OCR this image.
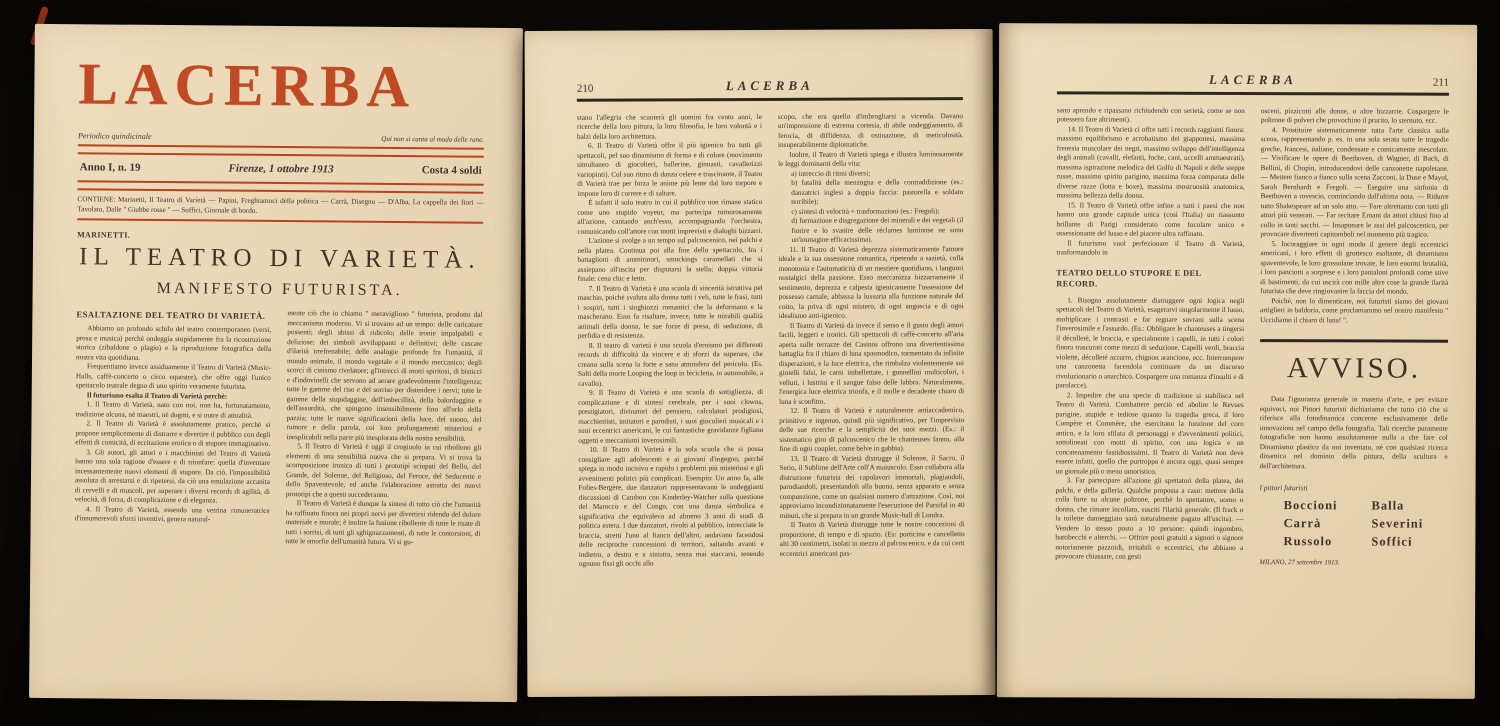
LACERBA
Periodico quindicinale	Qui non si canta al modo delle rane.
Anno I, n. 19	Firenze, 1 ottobre 1913	Costa 4 soldi

CONTIENE: Marinetti, Il Teatro di Varietà — Papini, Freghiamoci della politica — Carrà, Disegno — D'Alba, La cappella dei fiori — Tavolato, Dalle " Giubbe rosse " — Soffici, Giornale di bordo.

MARINETTI.
IL TEATRO DI VARIETÀ.
MANIFESTO FUTURISTA.
ESALTAZIONE DEL TEATRO DI VARIETÀ.

Abbiamo un profondo schifo del teatro contemporaneo (versi, prosa e musica) perchè ondeggia stupidamente fra la ricostruzione storica (zibaldone o plagio) e la riproduzione fotografica della nostra vita quotidiana.

Frequentiamo invece assiduamente il Teatro di Varietà (Music-Halls, caffè-concerto o circo equestre), che offre oggi l'unico spettacolo teatrale degno di uno spirito veramente futurista.

Il futurismo esalta il Teatro di Varietà perchè:

1. Il Teatro di Varietà, nato con noi, non ha, fortunatamente, tradizione alcuna, nè maestri, nè dogmi, e si nutre di attualità.

2. Il Teatro di Varietà è assolutamente pratico, perchè si propone semplicemente di distrarre e divertire il pubblico con degli effetti di comicità, di eccitazione erotica o di stupore immaginativo.

3. Gli autori, gli attori e i macchinisti del Teatro di Varietà hanno una sola ragione d'essere e di trionfare: quella d'inventare incessantemente nuovi elementi di stupore. Da ciò, l'impossibilità assoluta di arrestarsi e di ripetersi, da ciò una emulazione accanita di cervelli e di muscoli, per superare i diversi records di agilità, di velocità, di forza, di complicazione e di eleganza.

4. Il Teatro di Varietà, essendo una vetrina rimuneratrice d'innumerevoli sforzi inventivi, genera natural-

mente ciò che io chiamo " meraviglioso " futurista, prodotto dal meccanismo moderno. Vi si trovano ad un tempo: delle caricature possenti; degli abissi di ridicolo; delle ironie impalpabili e deliziose; dei simboli avviluppanti e definitivi; delle cascate d'ilarità irrefrenabile; delle analogie profonde fra l'umanità, il mondo animale, il mondo vegetale e il mondo meccanico; degli scorci di cinismo rivelatore; gl'intrecci di motti spiritosi, di bisticci e d'indovinelli che servono ad aerare gradevolmente l'intelligenza; tutte le gamme del riso e del sorriso per distendere i nervi; tutte le gamme della stupidaggine, dell'imbecillità, della balordaggine e dell'assurdità, che spingono insensibilmente fino all'orlo della pazzia; tutte le nuove significazioni della luce, del suono, del rumore e della parola, coi loro prolungamenti misteriosi e inesplicabili nella parte più inesplorata della nostra sensibilità.

5. Il Teatro di Varietà è oggi il crogiuolo in cui ribollono gli elementi di una sensibilità nuova che si prepara. Vi si trova la scomposizione ironica di tutti i prototipi sciupati del Bello, del Grande, del Solenne, del Religioso, del Feroce, del Seducente e dello Spaventevole, ed anche l'elaborazione astratta dei nuovi prototipi che a questi succederanno.

Il Teatro di Varietà è dunque la sintesi di tutto ciò che l'umanità ha raffinato finora nei propri nervi per divertirsi ridendo del dolore materiale e morale; è inoltre la fusione ribollente di tutte le risate di tutti i sorrisi, di tutti gli sghignazzamenti, di tutte le contorsioni, di tutte le smorfie dell'umanità futura. Vi si gu-

210	LACERBA

stano l'allegria che scuoterà gli uomini fra cento anni, le ricerche della loro pittura, la loro filosofia, le loro volontà e i balzi della loro architettura.

6. Il Teatro di Varietà offre il più igienico fra tutti gli spettacoli, pel suo dinamismo di forma e di colore (movimento simultaneo di giocolieri, ballerine, ginnasti, cavallerizzi variopinti). Col suo ritmo di danza celere e trascinante, il Teatro di Varietà trae per forza le anime più lente dal loro torpore e impone loro di correre e di saltare.

È infatti il solo teatro in cui il pubblico non rimane statico come uno stupido voyeur, ma partecipa rumorosamente all'azione, cantando anch'esso, accompagnando l'orchestra, comunicando coll'attore con motti imprevisti e dialoghi bizzarri.

L'azione si svolge a un tempo sul palcoscenico, nei palchi e nella platea. Continua poi alla fine dello spettacolo, fra i battaglioni di ammiratori, smockings caramellati che si assiepano all'uscita per disputarsi la stella; doppia vittoria finale: cena chic e letto.

7. Il Teatro di Varietà è una scuola di sincerità istruttiva pel maschio, poichè svaluta alla donna tutti i veli, tutte le frasi, tutti i sospiri, tutti i singhiozzi romantici che la deformano e la mascherano. Esso fa risaltare, invece, tutte le mirabili qualità animali della donna, le sue forze di presa, di seduzione, di perfidia e di resistenza.

8. Il teatro di varietà è una scuola d'eroismo pei differenti records di difficoltà da vincere e di sforzi da superare, che creano sulla scena la forte e sana atmosfera del pericolo. (Es. Salti della morte Looping the loop in bicicletta, in automobile, a cavallo).

9. Il Teatro di Varietà è una scuola di sottigliezza, di complicazione e di sintesi cerebrale, per i suoi clowns, prestigiatori, divinatori del pensiero, calcolatori prodigiosi, macchiettisti, imitatori e parodisti, i suoi giocolieri musicali e i suoi eccentrici americani, le cui fantastiche gravidanze figliano oggetti e meccanismi inverosimili.

10. Il Teatro di Varietà è la sola scuola che si possa consigliare agli adolescenti e ai giovani d'ingegno, perché spiega in modo incisivo e rapido i problemi più misteriosi e gli avvenimenti politici più complicati. Esempio: Un anno fa, alle Folies-Bergère, due danzatori rappresentavano le ondeggianti discussioni di Cambon con Kinderley-Watcher sulla questione del Marocco e del Congo, con una danza simbolica e significativa che equivaleva ad almeno 3 anni di studi di politica estera. I due danzatori, rivolti al pubblico, intrecciate le braccia, stretti l'uno al fianco dell'altro, andavano facendosi delle reciproche concessioni di territori, saltando avanti e indietro, a destra e a sinistra, senza mai staccarsi, tenendo ognuno fissi gli occhi allo

scopo, che era quello d'imbrogliarsi a vicenda. Davano un'impressione di estrema cortesia, di abile ondeggiamento, di ferocia, di diffidenza, di ostinazione, di meticolosità, insuperabilmente diplomatiche.

Inoltre, il Teatro di Varietà spiega e illustra luminosamente le leggi dominanti della vita:

a) intreccio di ritmi diversi;

b) fatalità della menzogna e della contraddizione (es.: danzatrici inglesi a doppia faccia: pastorella e soldato terribile);

c) sintesi di velocità + trasformazioni (es.: Fregoli);

d) formazione e disgregazione dei minerali e dei vegetali (il fiorire e lo svanire delle réclames luminose ne sono un'immagine efficacissima).

11. Il Teatro di Varietà deprezza sistematicamente l'amore ideale e la sua ossessione romantica, ripetendo a sazietà, colla monotonia e l'automaticità di un mestiere quotidiano, i languori nostalgici della passione. Esso meccanizza bizzarramente il sentimento, deprezza e calpesta igienicamente l'ossessione del possesso carnale, abbassa la lussuria alla funzione naturale del coito, la priva di ogni mistero, di ogni angoscia e di ogni idealismo anti-igienico.

Il Teatro di Varietà dà invece il senso e il gusto degli amori facili, leggeri e ironici. Gli spettacoli di caffè-concerto all'aria aperta sulle terrazze dei Casinos offrono una divertentissima battaglia fra il chiaro di luna spasmodico, tormentato da infinite disperazioni, e la luce elettrica, che rimbalza violentemente sui gioielli falsi, le carni imbellettate, i gonnellini multicolori, i velluti, i lustrini e il sangue falso delle labbra. Naturalmente, l'energica luce elettrica trionfa, e il molle e decadente chiaro di luna è sconfitto.

12. Il Teatro di Varietà è naturalmente antiaccademico, primitivo e ingenuo, quindi più significativo, per l'imprevisto delle sue ricerche e la semplicità dei suoi mezzi. (Es.: il sistematico giro di palcoscenico che le chanteuses fanno, alla fine di ogni couplet, come belve in gabbia).

13. Il Teatro di Varietà distrugge il Solenne, il Sacro, il Serio, il Sublime dell'Arte coll'A maiuscolo. Esso collabora alla distruzione futurista dei capolavori immortali, plagiandoli, parodiandoli, presentandoli alla buona, senza apparato e senza compunzione, come un qualsiasi numero d'attrazione. Così, noi approviamo incondizionatamente l'esecuzione del Parsifal in 40 minuti, che si prepara in un grande Music-hall di Londra.

Il Teatro di Varietà distrugge tutte le nostre concezioni di proporzione, di tempo e di spazio. (Es: porticina e cancelletto alti 30 centimetri, isolati in mezzo al palcoscenico, e da cui certi eccentrici americani pas-

LACERBA	211

sano aprendo e ripassano richiudendo con serietà, come se non potessero fare altrimenti).

14. Il Teatro di Varietà ci offre tutti i records raggiunti finora: massimo equilibrismo e acrobatismo dei giapponesi, massima frenesia muscolare dei negri, massimo sviluppo dell'intelligenza degli animali (cavalli, elefanti, foche, cani, uccelli ammaestrati), massima ispirazione melodica del Golfo di Napoli e delle steppe russe, massimo spirito parigino, massima forza comparata delle diverse razze (lotta e boxe), massima mostruosità anatomica, massima bellezza della donna.

15. Il Teatro di Varietà offre infine a tutti i paesi che non hanno una grande capitale unica (così l'Italia) un riassunto brillante di Parigi considerato come focolare unico e ossessionante del lusso e del piacere ultra raffinato.

Il futurismo vuol perfezionare il Teatro di Varietà, trasformandolo in

TEATRO DELLO STUPORE E DEL RECORD.

1. Bisogna assolutamente distruggere ogni logica negli spettacoli del Teatro di Varietà, esagerarvi singolarmente il lusso, moltiplicare i contrasti e far regnare sovrani sulla scena l'inverosimile e l'assurdo. (Es.: Obbligare le chanteuses a tingersi il décolleté, le braccia, e specialmente i capelli, in tutti i colori finora trascurati come mezzi di seduzione. Capelli verdi, braccia violette, décolleté azzurro, chignon arancione, ecc. Interrompere una canzonetta facendola continuare da un discorso rivoluzionario o anarchico. Cospargere una romanza d'insulti e di parolacce).

2. Impedire che una specie di tradizione si stabilisca nel Teatro di Varietà. Combattere perciò ed abolire le Revues parigine, stupide e tediose quanto la tragedia greca, il loro Compère et Commère, che esercitano la funzione del coro antico, e la loro sfilata di personaggi e d'avvenimenti politici, sottolineati con motti di spirito, con una logica e un concatenamento fastidiosissimi. Il Teatro di Varietà non deve essere infatti, quello che purtroppo è ancora oggi, quasi sempre un giornale più o meno umoristico.

3. Far partecipare all'azione gli spettatori della platea, dei palchi, e della galleria. Qualche proposta a caso: mettere della colla forte su alcune poltrone, perchè lo spettatore, uomo o donna, che rimane incollato, susciti l'ilarità generale. (Il frack o la toilette danneggiato sarà naturalmente pagato all'uscita). — Vendere lo stesso posto a 10 persone: quindi ingombro, battibecchi e alterchi. — Offrire posti gratuiti a signori o signore notoriamente pazzoidi, irritabili o eccentrici, che abbiano a provocare chiassate, con gesti

osceni, pizzicotti alle donne, o altre bizzarrie. Cospargere le poltrone di polveri che provochino il prurito, lo sternuto, ecc.

4. Prostituire sistematicamente tutta l'arte classica sulla scena, rappresentando p. es. in una sola serata tutte le tragedie greche, francesi, italiane, condensate e comicamente mescolate. — Vivificare le opere di Beethoven, di Wagner, di Bach, di Bellini, di Chopin, introducendovi delle canzonette napoletane. — Mettere fianco a fianco sulla scena Zacconi, la Duse e Mayol, Sarah Bernhardt e Fregoli. — Eseguire una sinfonia di Beethoven a rovescio, cominciando dall'ultima nota. — Ridurre tutto Shakespeare ad un solo atto. — Fare altrettanto con tutti gli attori più venerati. — Far recitare Ernani da attori chiusi fino al collo in tanti sacchi. — Insaponare le assi del palcoscenico, per provocare divertenti capitomboli nel momento più tragico.

5. Incoraggiare in ogni modo il genere degli eccentrici americani, i loro effetti di grottesco esaltante, di dinamismo spaventevole, le loro grossolane trovate, le loro enormi brutalità, i loro panciotti a sorprese e i loro pantaloni profondi come stive di bastimenti, da cui uscirà con mille altre cose la grande ilarità futurista che deve ringiovanire la faccia del mondo.

Poichè, non lo dimenticate, noi futuristi siamo dei giovani artiglieri in baldoria, come proclamammo nel nostro manifesto " Uccidiamo il chiaro di luna! ".

AVVISO.

Data l'ignoranza generale in materia d'arte, e per evitare equivoci, noi Pittori futuristi dichiariamo che tutto ciò che si riferisce alla fotodinamica concerne esclusivamente delle innovazioni nel campo della fotografia. Tali ricerche puramente fotografiche non hanno assolutamente nulla a che fare col Dinamismo plastico da noi inventato, nè con qualsiasi ricerca dinamica nel dominio della pittura, della scultura e dell'architettura.

I pittori futuristi
Boccioni	Balla
Carrà	Severini
Russolo	Soffici
MILANO, 27 settembre 1913.
